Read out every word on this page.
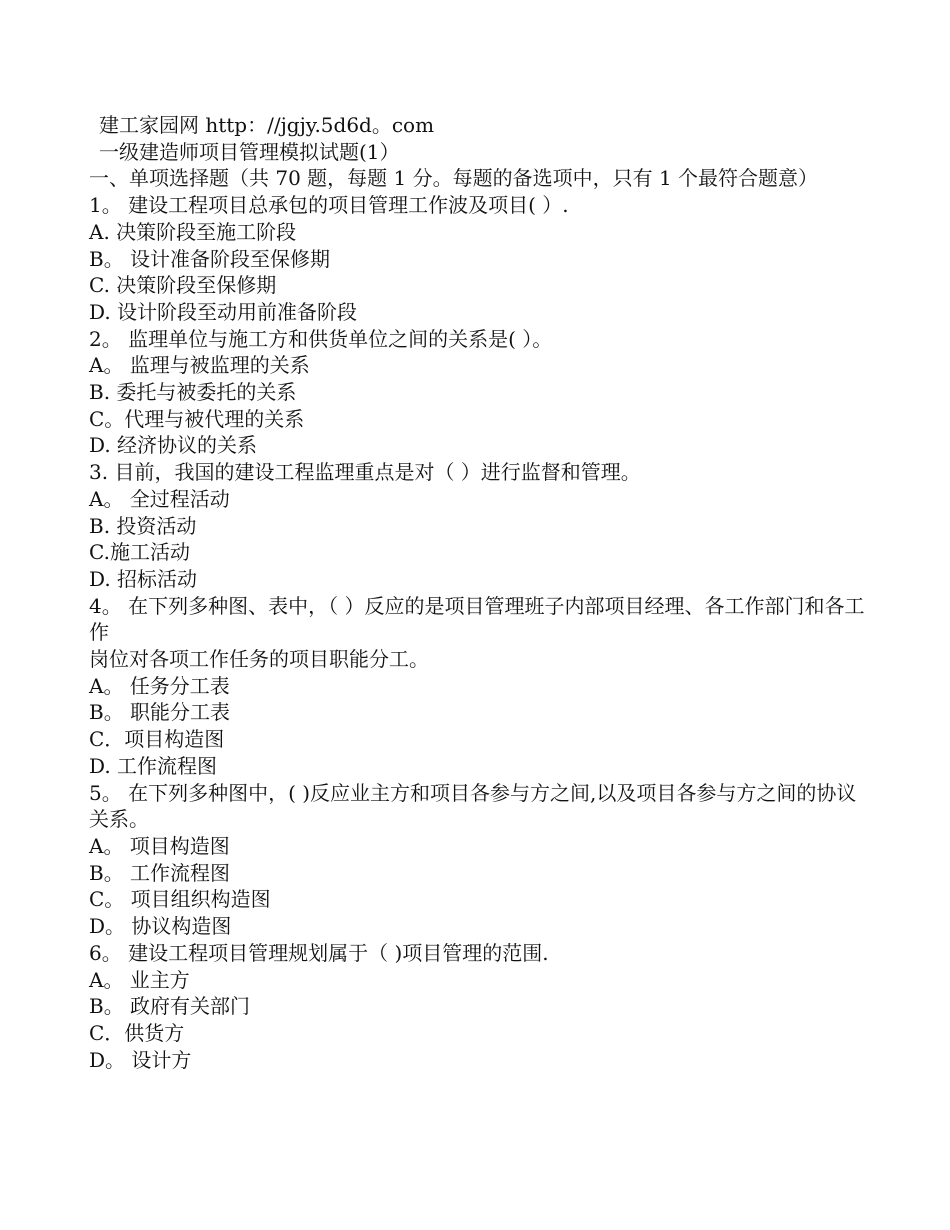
建工家园网 http：//jgjy.5d6d。com

一级建造师项目管理模拟试题(1）

一、单项选择题（共 70 题，每题 1 分。每题的备选项中，只有 1 个最符合题意）

1。 建设工程项目总承包的项目管理工作波及项目( ）.

A. 决策阶段至施工阶段

B。 设计准备阶段至保修期

C. 决策阶段至保修期

D. 设计阶段至动用前准备阶段

2。 监理单位与施工方和供货单位之间的关系是( ）。

A。 监理与被监理的关系

B. 委托与被委托的关系

C。代理与被代理的关系

D. 经济协议的关系

3. 目前，我国的建设工程监理重点是对（ ）进行监督和管理。

A。 全过程活动

B. 投资活动

C.施工活动

D. 招标活动

4。 在下列多种图、表中，（ ）反应的是项目管理班子内部项目经理、各工作部门和各工作

岗位对各项工作任务的项目职能分工。

A。 任务分工表

B。 职能分工表

C．项目构造图

D. 工作流程图

5。 在下列多种图中，( )反应业主方和项目各参与方之间,以及项目各参与方之间的协议

关系。

A。 项目构造图

B。 工作流程图

C。 项目组织构造图

D。 协议构造图

6。 建设工程项目管理规划属于（ )项目管理的范围.

A。 业主方

B。 政府有关部门

C．供货方

D。 设计方
